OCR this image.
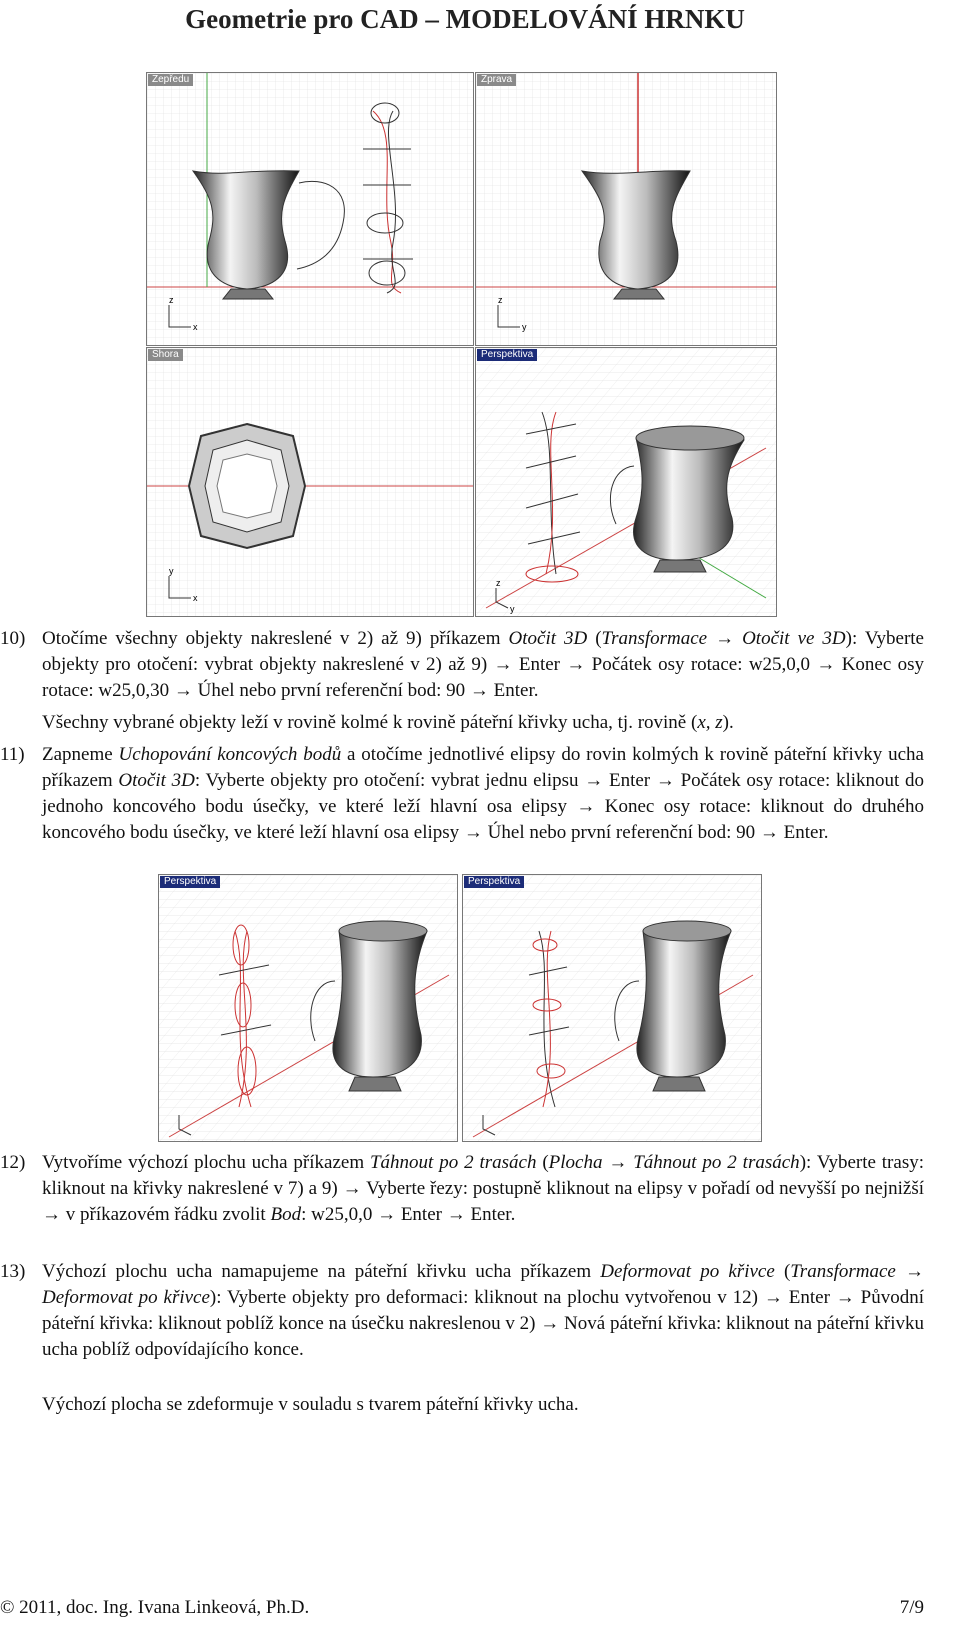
Geometrie pro CAD – MODELOVÁNÍ HRNKU
z
x
Zepředu
z
y
Zprava
y
x
Shora
z
y
Perspektiva
10) Otočíme všechny objekty nakreslené v 2) až 9) příkazem Otočit 3D (Transformace → Otočit ve 3D): Vyberte objekty pro otočení: vybrat objekty nakreslené v 2) až 9) → Enter → Počátek osy rotace: w25,0,0 → Konec osy rotace: w25,0,30 → Úhel nebo první referenční bod: 90 → Enter.

Všechny vybrané objekty leží v rovině kolmé k rovině páteřní křivky ucha, tj. rovině (x, z).
11) Zapneme Uchopování koncových bodů a otočíme jednotlivé elipsy do rovin kolmých k rovině páteřní křivky ucha příkazem Otočit 3D: Vyberte objekty pro otočení: vybrat jednu elipsu → Enter → Počátek osy rotace: kliknout do jednoho koncového bodu úsečky, ve které leží hlavní osa elipsy → Konec osy rotace: kliknout do druhého koncového bodu úsečky, ve které leží hlavní osa elipsy → Úhel nebo první referenční bod: 90 → Enter.

Perspektiva	Perspektiva
12) Vytvoříme výchozí plochu ucha příkazem Táhnout po 2 trasách (Plocha → Táhnout po 2 trasách): Vyberte trasy: kliknout na křivky nakreslené v 7) a 9) → Vyberte řezy: postupně kliknout na elipsy v pořadí od nevyšší po nejnižší → v příkazovém řádku zvolit Bod: w25,0,0 → Enter → Enter.

13) Výchozí plochu ucha namapujeme na páteřní křivku ucha příkazem Deformovat po křivce (Transformace → Deformovat po křivce): Vyberte objekty pro deformaci: kliknout na plochu vytvořenou v 12) → Enter → Původní páteřní křivka: kliknout poblíž konce na úsečku nakreslenou v 2) → Nová páteřní křivka: kliknout na páteřní křivku ucha poblíž odpovídajícího konce.

Výchozí plocha se zdeformuje v souladu s tvarem páteřní křivky ucha.
© 2011, doc. Ing. Ivana Linkeová, Ph.D.	7/9
